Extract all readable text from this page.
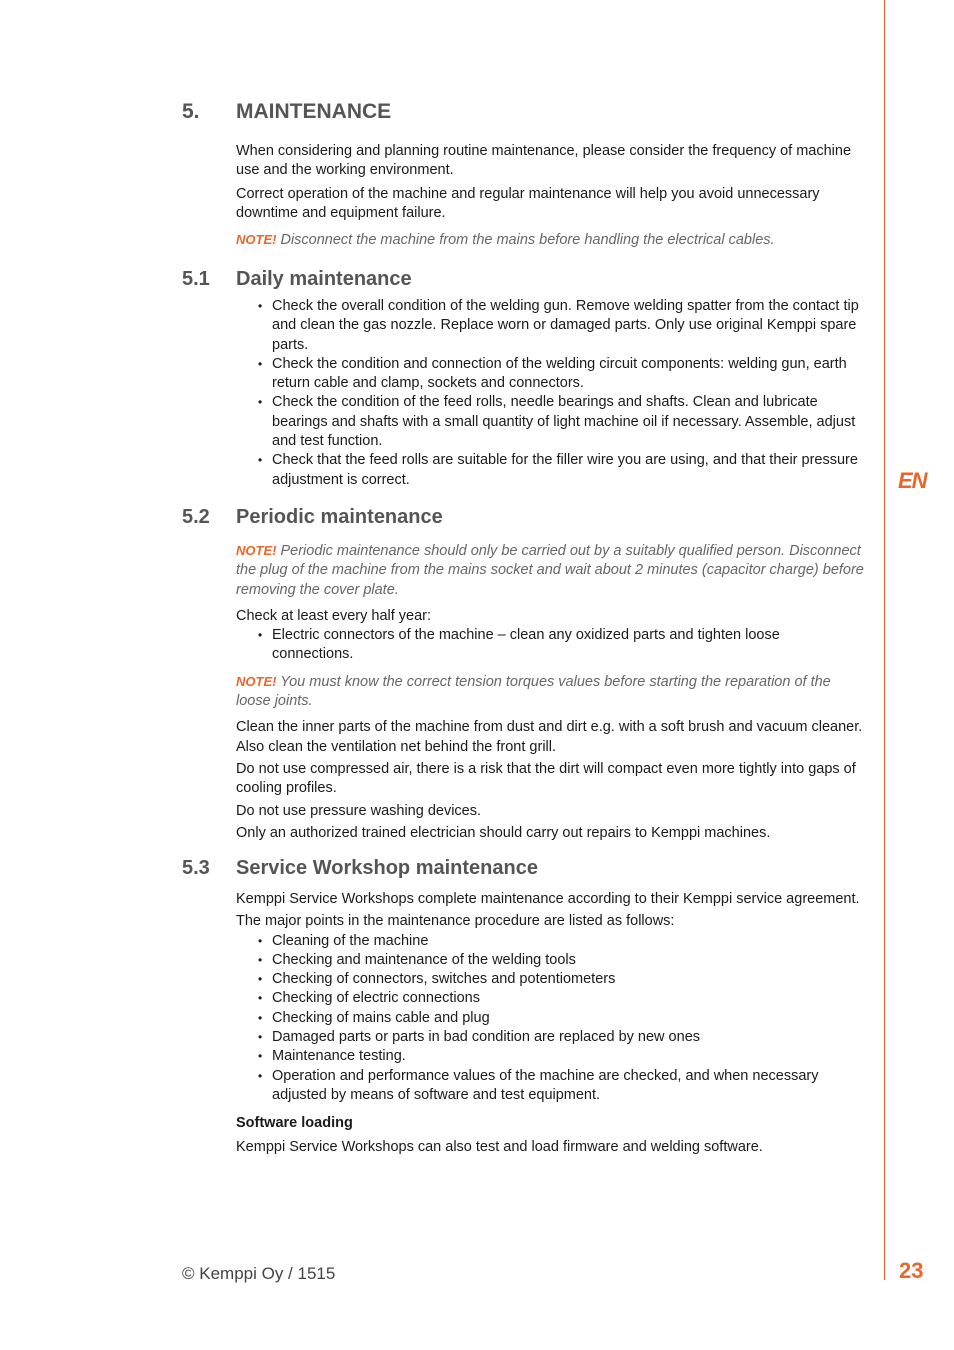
EN
23
© Kemppi Oy / 1515
5. MAINTENANCE

When considering and planning routine maintenance, please consider the frequency of machine use and the working environment.

Correct operation of the machine and regular maintenance will help you avoid unnecessary downtime and equipment failure.

NOTE! Disconnect the machine from the mains before handling the electrical cables.

5.1 Daily maintenance
• Check the overall condition of the welding gun. Remove welding spatter from the contact tip and clean the gas nozzle. Replace worn or damaged parts. Only use original Kemppi spare parts.
• Check the condition and connection of the welding circuit components: welding gun, earth return cable and clamp, sockets and connectors.
• Check the condition of the feed rolls, needle bearings and shafts. Clean and lubricate bearings and shafts with a small quantity of light machine oil if necessary. Assemble, adjust and test function.
• Check that the feed rolls are suitable for the filler wire you are using, and that their pressure adjustment is correct.
5.2 Periodic maintenance

NOTE! Periodic maintenance should only be carried out by a suitably qualified person. Disconnect the plug of the machine from the mains socket and wait about 2 minutes (capacitor charge) before removing the cover plate.

Check at least every half year:

• Electric connectors of the machine – clean any oxidized parts and tighten loose connections.

NOTE! You must know the correct tension torques values before starting the reparation of the loose joints.

Clean the inner parts of the machine from dust and dirt e.g. with a soft brush and vacuum cleaner. Also clean the ventilation net behind the front grill.

Do not use compressed air, there is a risk that the dirt will compact even more tightly into gaps of cooling profiles.

Do not use pressure washing devices.

Only an authorized trained electrician should carry out repairs to Kemppi machines.

5.3 Service Workshop maintenance

Kemppi Service Workshops complete maintenance according to their Kemppi service agreement.

The major points in the maintenance procedure are listed as follows:

• Cleaning of the machine
• Checking and maintenance of the welding tools
• Checking of connectors, switches and potentiometers
• Checking of electric connections
• Checking of mains cable and plug
• Damaged parts or parts in bad condition are replaced by new ones
• Maintenance testing.
• Operation and performance values of the machine are checked, and when necessary adjusted by means of software and test equipment.

Software loading

Kemppi Service Workshops can also test and load firmware and welding software.
